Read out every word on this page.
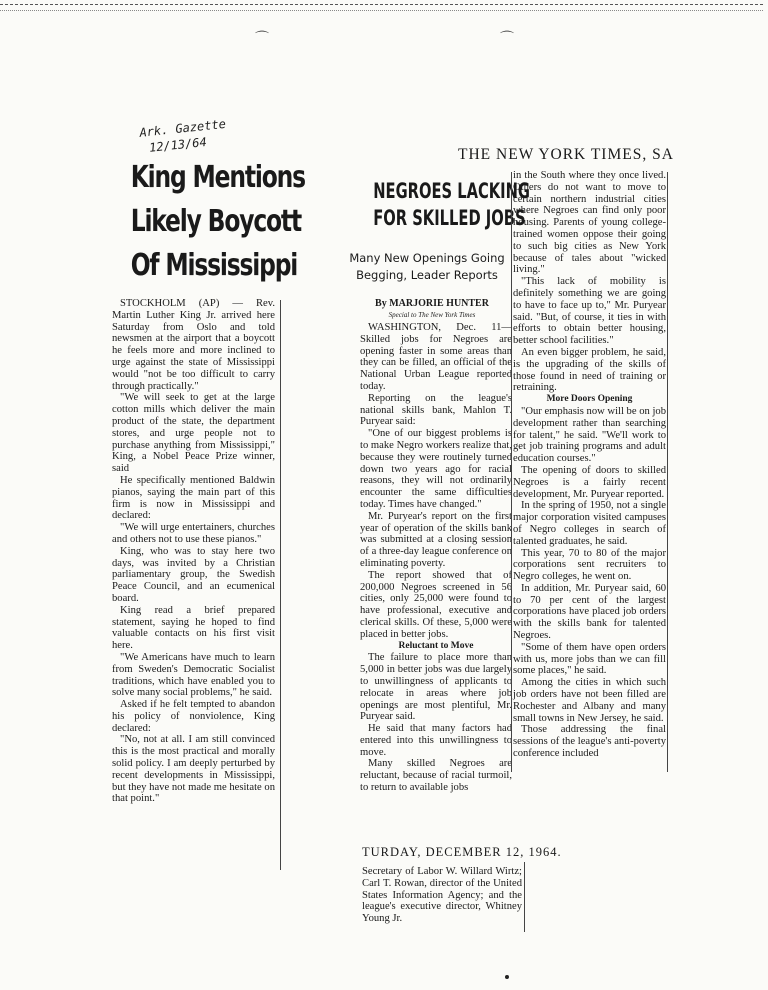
⌒	⌒
Ark. Gazette
12/13/64
King Mentions
Likely Boycott
Of Mississippi

STOCKHOLM (AP) — Rev. Martin Luther King Jr. arrived here Saturday from Oslo and told newsmen at the airport that a boycott he feels more and more inclined to urge against the state of Mississippi would "not be too difficult to carry through practically."

"We will seek to get at the large cotton mills which deliver the main product of the state, the department stores, and urge people not to purchase anything from Mississippi," King, a Nobel Peace Prize winner, said

He specifically mentioned Baldwin pianos, saying the main part of this firm is now in Mississippi and declared:

"We will urge entertainers, churches and others not to use these pianos."

King, who was to stay here two days, was invited by a Christian parliamentary group, the Swedish Peace Council, and an ecumenical board.

King read a brief prepared statement, saying he hoped to find valuable contacts on his first visit here.

"We Americans have much to learn from Sweden's Democratic Socialist traditions, which have enabled you to solve many social problems," he said.

Asked if he felt tempted to abandon his policy of nonviolence, King declared:

"No, not at all. I am still convinced this is the most practical and morally solid policy. I am deeply perturbed by recent developments in Mississippi, but they have not made me hesitate on that point."

THE NEW YORK TIMES, SA
NEGROES LACKING
FOR SKILLED JOBS
Many New Openings Going Begging, Leader Reports
By MARJORIE HUNTER
Special to The New York Times

WASHINGTON, Dec. 11— Skilled jobs for Negroes are opening faster in some areas than they can be filled, an official of the National Urban League reported today.

Reporting on the league's national skills bank, Mahlon T. Puryear said:

"One of our biggest problems is to make Negro workers realize that, because they were routinely turned down two years ago for racial reasons, they will not ordinarily encounter the same difficulties today. Times have changed."

Mr. Puryear's report on the first year of operation of the skills bank was submitted at a closing session of a three-day league conference on eliminating poverty.

The report showed that of 200,000 Negroes screened in 56 cities, only 25,000 were found to have professional, executive and clerical skills. Of these, 5,000 were placed in better jobs.

Reluctant to Move

The failure to place more than 5,000 in better jobs was due largely to unwillingness of applicants to relocate in areas where job openings are most plentiful, Mr. Puryear said.

He said that many factors had entered into this unwillingness to move.

Many skilled Negroes are reluctant, because of racial turmoil, to return to available jobs

in the South where they once lived. Others do not want to move to certain northern industrial cities where Negroes can find only poor housing. Parents of young college-trained women oppose their going to such big cities as New York because of tales about "wicked living."

"This lack of mobility is definitely something we are going to have to face up to," Mr. Puryear said. "But, of course, it ties in with efforts to obtain better housing, better school facilities."

An even bigger problem, he said, is the upgrading of the skills of those found in need of training or retraining.

More Doors Opening

"Our emphasis now will be on job development rather than searching for talent," he said. "We'll work to get job training programs and adult education courses."

The opening of doors to skilled Negroes is a fairly recent development, Mr. Puryear reported.

In the spring of 1950, not a single major corporation visited campuses of Negro colleges in search of talented graduates, he said.

This year, 70 to 80 of the major corporations sent recruiters to Negro colleges, he went on.

In addition, Mr. Puryear said, 60 to 70 per cent of the largest corporations have placed job orders with the skills bank for talented Negroes.

"Some of them have open orders with us, more jobs than we can fill some places," he said.

Among the cities in which such job orders have not been filled are Rochester and Albany and many small towns in New Jersey, he said.

Those addressing the final sessions of the league's anti-poverty conference included

TURDAY, DECEMBER 12, 1964.

Secretary of Labor W. Willard Wirtz; Carl T. Rowan, director of the United States Information Agency; and the league's executive director, Whitney Young Jr.
